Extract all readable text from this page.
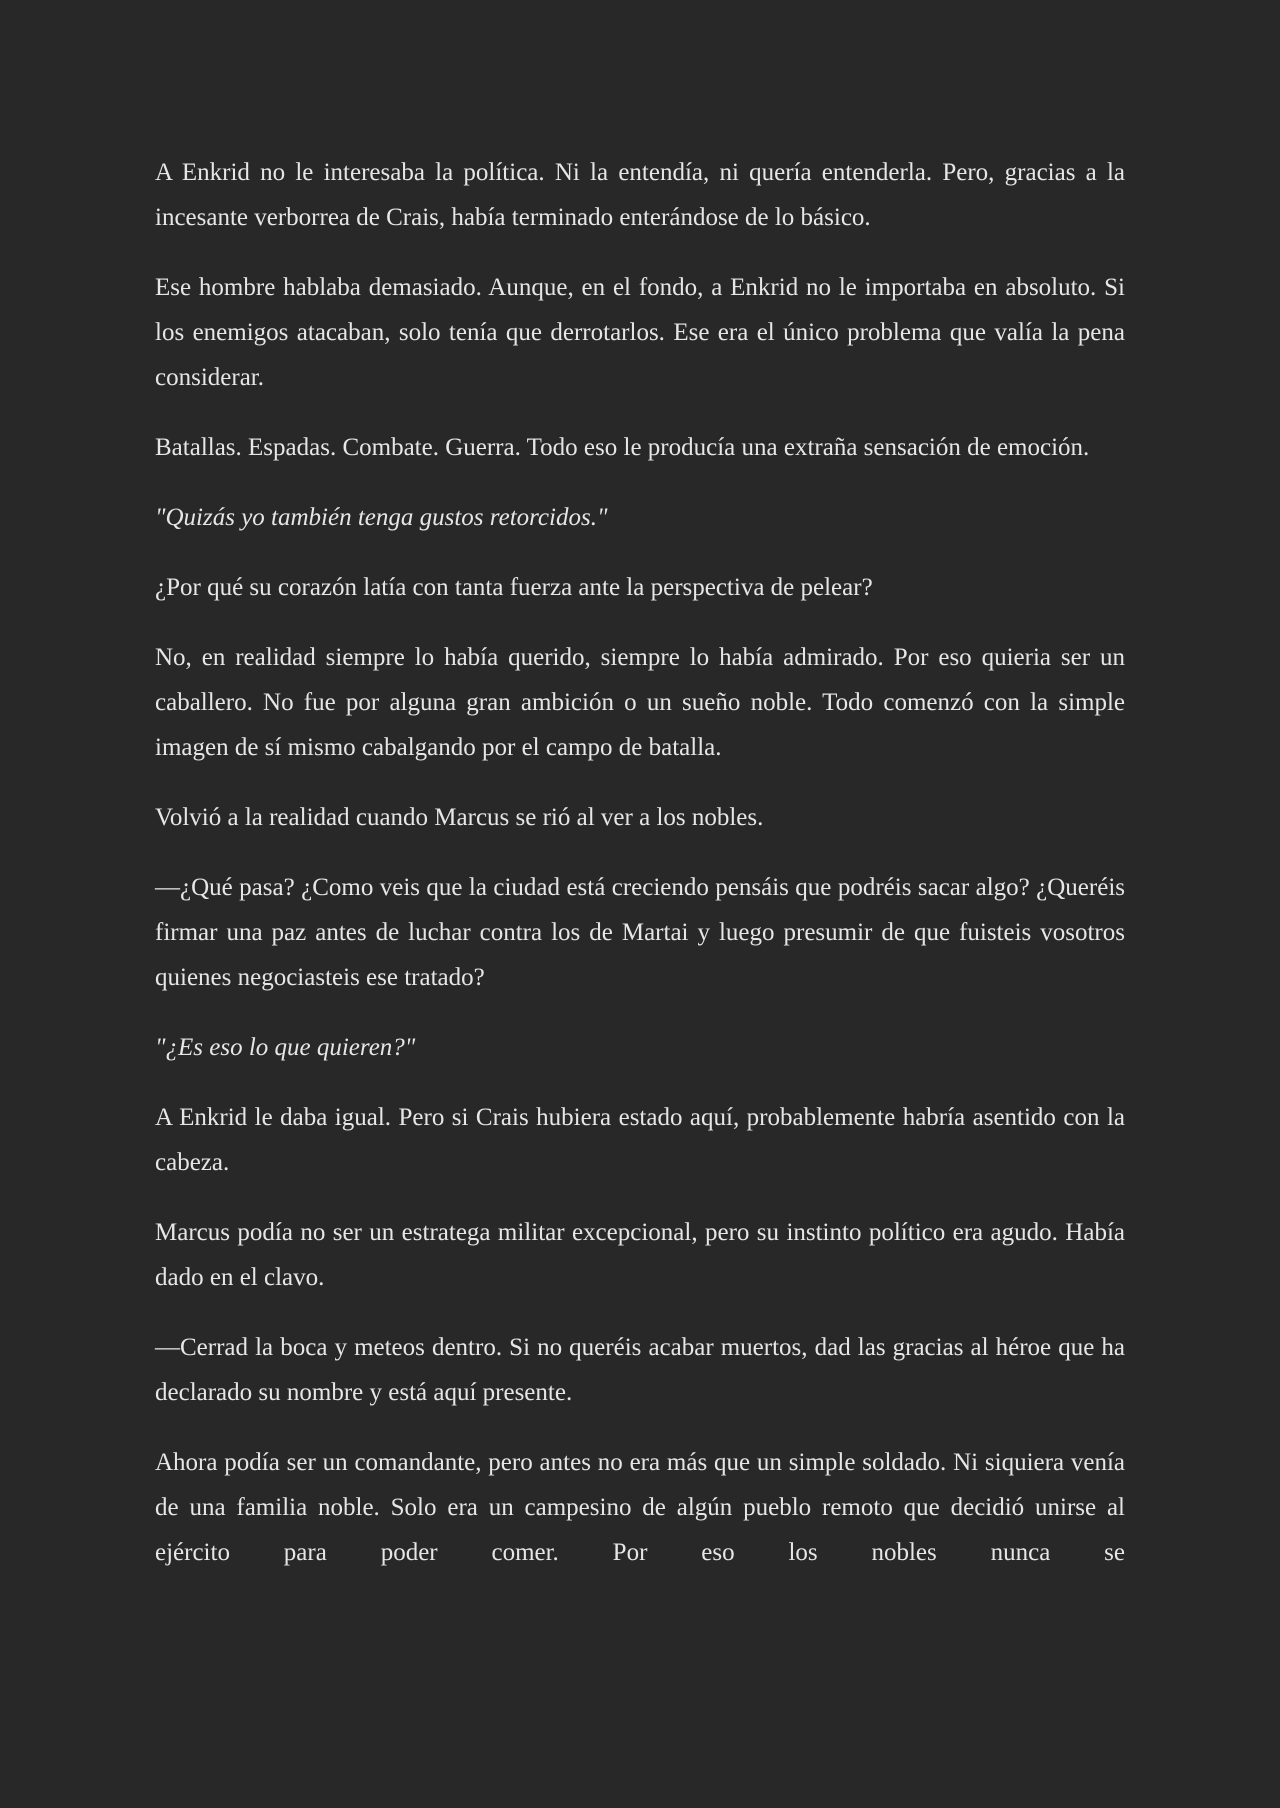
A Enkrid no le interesaba la política. Ni la entendía, ni quería entenderla. Pero, gracias a la incesante verborrea de Crais, había terminado enterándose de lo básico.

Ese hombre hablaba demasiado. Aunque, en el fondo, a Enkrid no le importaba en absoluto. Si los enemigos atacaban, solo tenía que derrotarlos. Ese era el único problema que valía la pena considerar.

Batallas. Espadas. Combate. Guerra. Todo eso le producía una extraña sensación de emoción.

"Quizás yo también tenga gustos retorcidos."

¿Por qué su corazón latía con tanta fuerza ante la perspectiva de pelear?

No, en realidad siempre lo había querido, siempre lo había admirado. Por eso quieria ser un caballero. No fue por alguna gran ambición o un sueño noble. Todo comenzó con la simple imagen de sí mismo cabalgando por el campo de batalla.

Volvió a la realidad cuando Marcus se rió al ver a los nobles.

—¿Qué pasa? ¿Como veis que la ciudad está creciendo pensáis que podréis sacar algo? ¿Queréis firmar una paz antes de luchar contra los de Martai y luego presumir de que fuisteis vosotros quienes negociasteis ese tratado?

"¿Es eso lo que quieren?"

A Enkrid le daba igual. Pero si Crais hubiera estado aquí, probablemente habría asentido con la cabeza.

Marcus podía no ser un estratega militar excepcional, pero su instinto político era agudo. Había dado en el clavo.

—Cerrad la boca y meteos dentro. Si no queréis acabar muertos, dad las gracias al héroe que ha declarado su nombre y está aquí presente.

Ahora podía ser un comandante, pero antes no era más que un simple soldado. Ni siquiera venía de una familia noble. Solo era un campesino de algún pueblo remoto que decidió unirse al ejército para poder comer. Por eso los nobles nunca se
